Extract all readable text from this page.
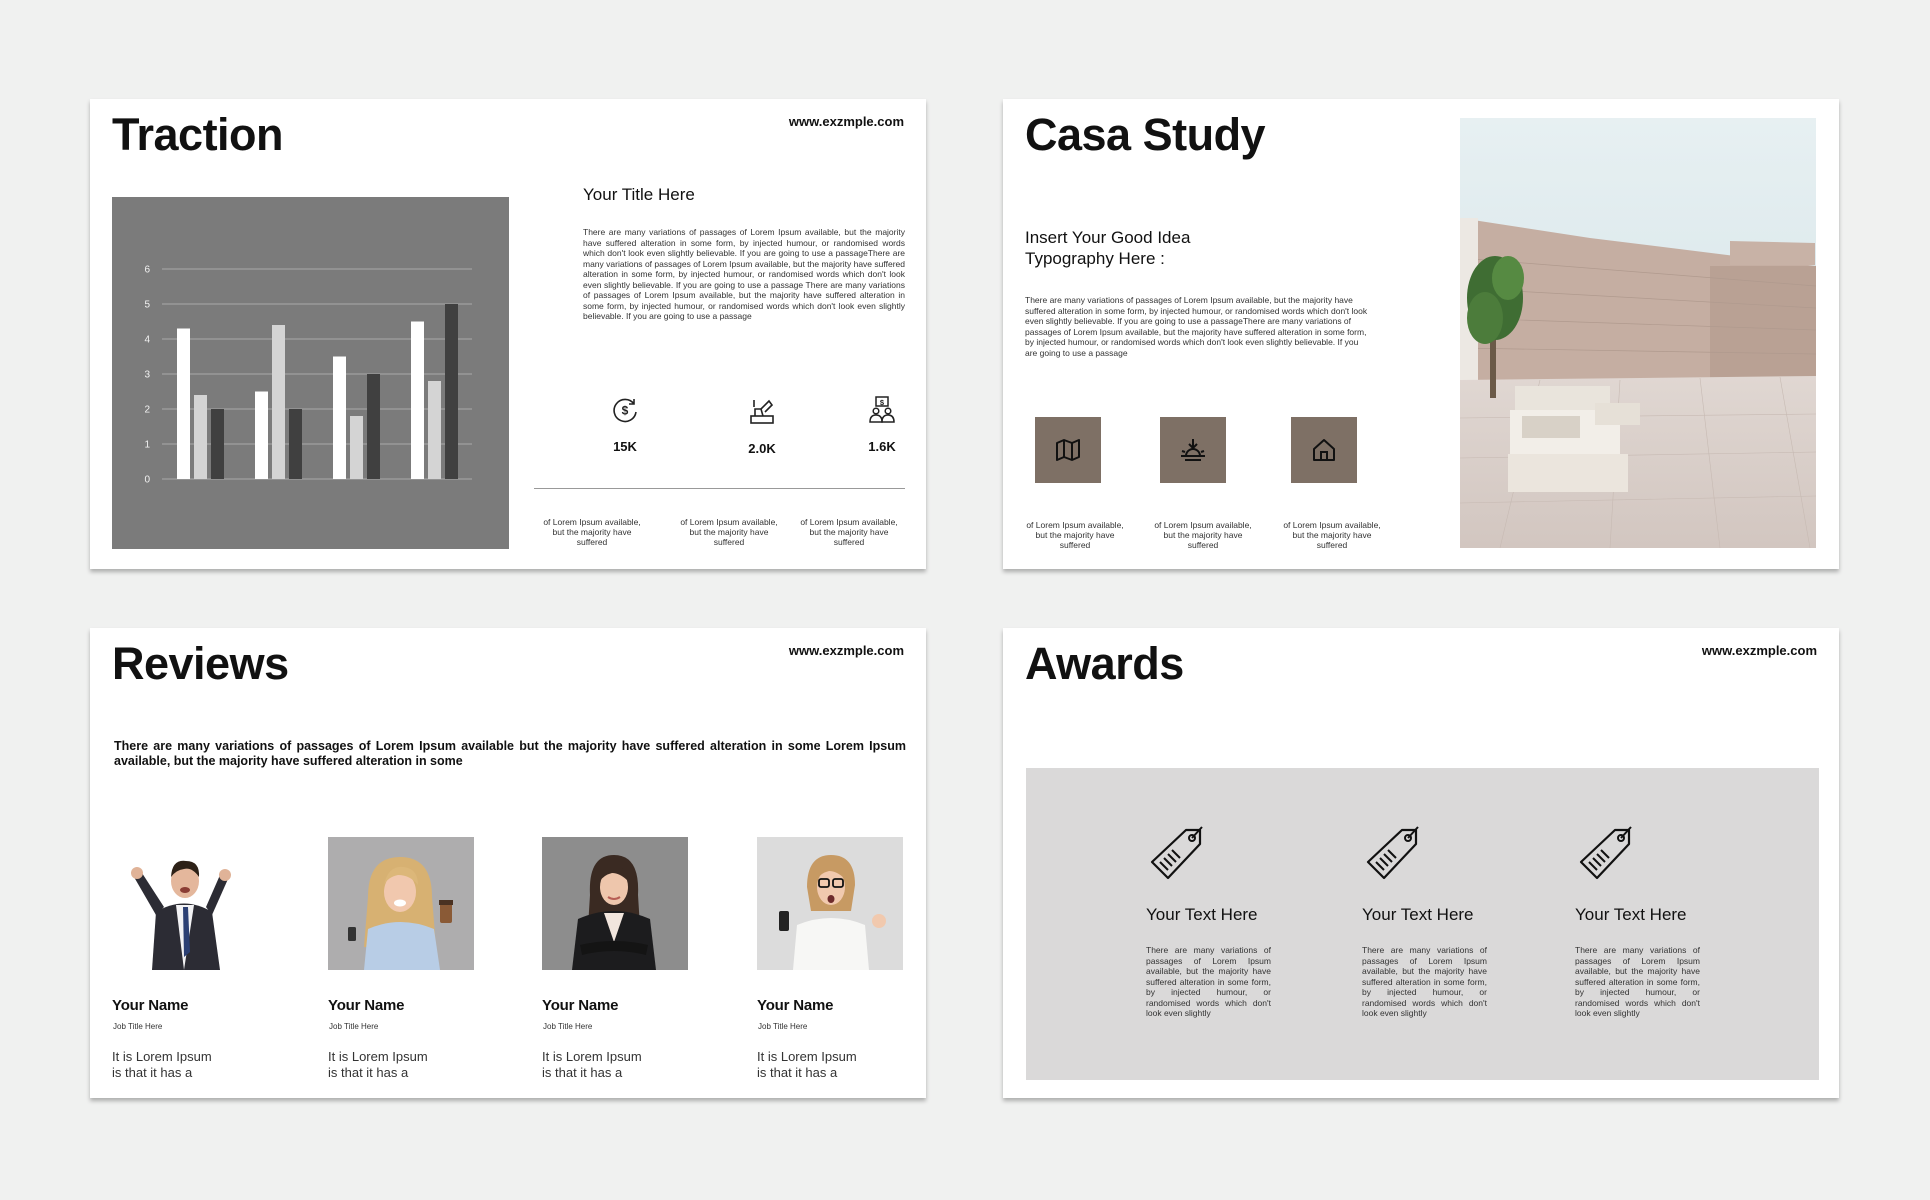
Traction	www.exzmple.com
0
1
2
3
4
5
6
Your Title Here
There are many variations of passages of Lorem Ipsum available, but the majority have suffered alteration in some form, by injected humour, or randomised words which don't look even slightly believable. If you are going to use a passageThere are many variations of passages of Lorem Ipsum available, but the majority have suffered alteration in some form, by injected humour, or randomised words which don't look even slightly believable. If you are going to use a passage There are many variations of passages of Lorem Ipsum available, but the majority have suffered alteration in some form, by injected humour, or randomised words which don't look even slightly believable. If you are going to use a passage
$
15K	2.0K
$
1.6K
of Lorem Ipsum available, but the majority have suffered
of Lorem Ipsum available, but the majority have suffered
of Lorem Ipsum available, but the majority have suffered
Casa Study
Insert Your Good Idea
Typography Here :
There are many variations of passages of Lorem Ipsum available, but the majority have suffered alteration in some form, by injected humour, or randomised words which don't look even slightly believable. If you are going to use a passageThere are many variations of passages of Lorem Ipsum available, but the majority have suffered alteration in some form, by injected humour, or randomised words which don't look even slightly believable. If you are going to use a passage
of Lorem Ipsum available, but the majority have suffered
of Lorem Ipsum available, but the majority have suffered
of Lorem Ipsum available, but the majority have suffered
Reviews	www.exzmple.com
There are many variations of passages of Lorem Ipsum available but the majority have suffered alteration in some Lorem Ipsum available, but the majority have suffered alteration in some
Your Name
Job Title Here
It is Lorem Ipsum
is that it has a
Your Name
Job Title Here
It is Lorem Ipsum
is that it has a
Your Name
Job Title Here
It is Lorem Ipsum
is that it has a
Your Name
Job Title Here
It is Lorem Ipsum
is that it has a
Awards	www.exzmple.com
Your Text Here
There are many variations of passages of Lorem Ipsum available, but the majority have suffered alteration in some form, by injected humour, or randomised words which don't look even slightly
Your Text Here
There are many variations of passages of Lorem Ipsum available, but the majority have suffered alteration in some form, by injected humour, or randomised words which don't look even slightly
Your Text Here
There are many variations of passages of Lorem Ipsum available, but the majority have suffered alteration in some form, by injected humour, or randomised words which don't look even slightly
